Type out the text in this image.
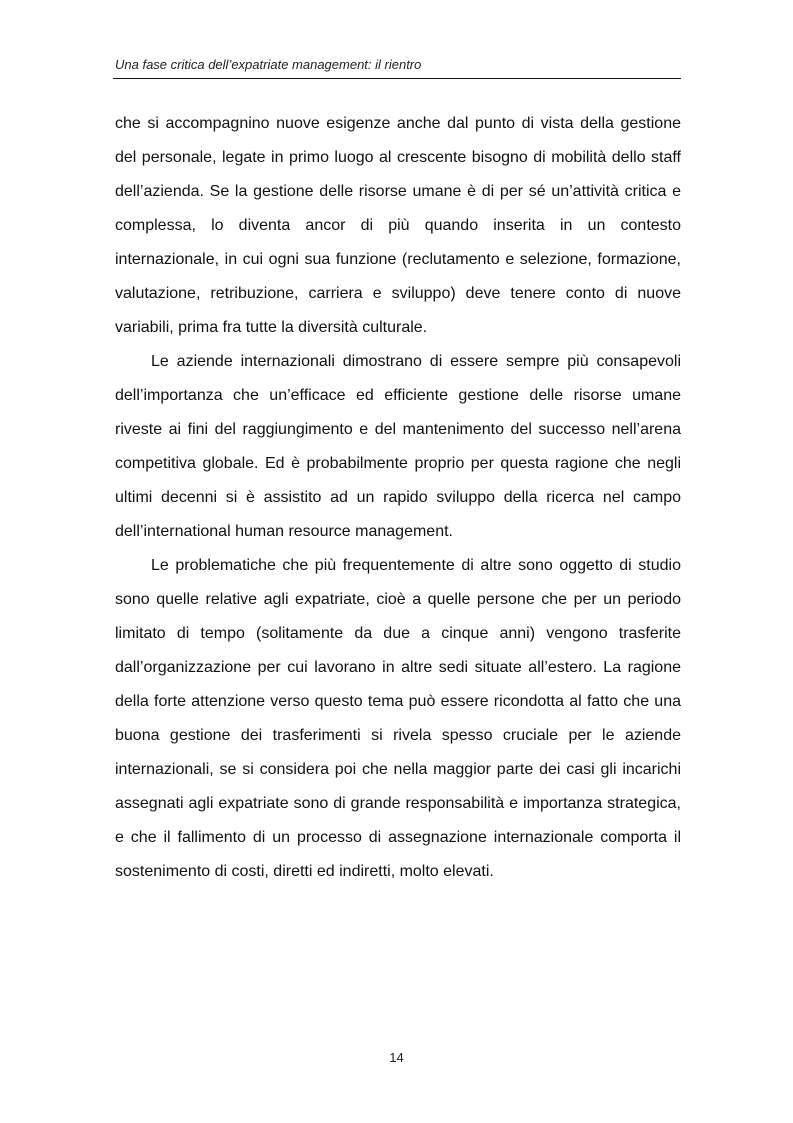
Una fase critica dell’expatriate management: il rientro

che si accompagnino nuove esigenze anche dal punto di vista della gestione del personale, legate in primo luogo al crescente bisogno di mobilità dello staff dell’azienda. Se la gestione delle risorse umane è di per sé un’attività critica e complessa, lo diventa ancor di più quando inserita in un contesto internazionale, in cui ogni sua funzione (reclutamento e selezione, formazione, valutazione, retribuzione, carriera e sviluppo) deve tenere conto di nuove variabili, prima fra tutte la diversità culturale.

Le aziende internazionali dimostrano di essere sempre più consapevoli dell’importanza che un’efficace ed efficiente gestione delle risorse umane riveste ai fini del raggiungimento e del mantenimento del successo nell’arena competitiva globale. Ed è probabilmente proprio per questa ragione che negli ultimi decenni si è assistito ad un rapido sviluppo della ricerca nel campo dell’international human resource management.

Le problematiche che più frequentemente di altre sono oggetto di studio sono quelle relative agli expatriate, cioè a quelle persone che per un periodo limitato di tempo (solitamente da due a cinque anni) vengono trasferite dall’organizzazione per cui lavorano in altre sedi situate all’estero. La ragione della forte attenzione verso questo tema può essere ricondotta al fatto che una buona gestione dei trasferimenti si rivela spesso cruciale per le aziende internazionali, se si considera poi che nella maggior parte dei casi gli incarichi assegnati agli expatriate sono di grande responsabilità e importanza strategica, e che il fallimento di un processo di assegnazione internazionale comporta il sostenimento di costi, diretti ed indiretti, molto elevati.

14
